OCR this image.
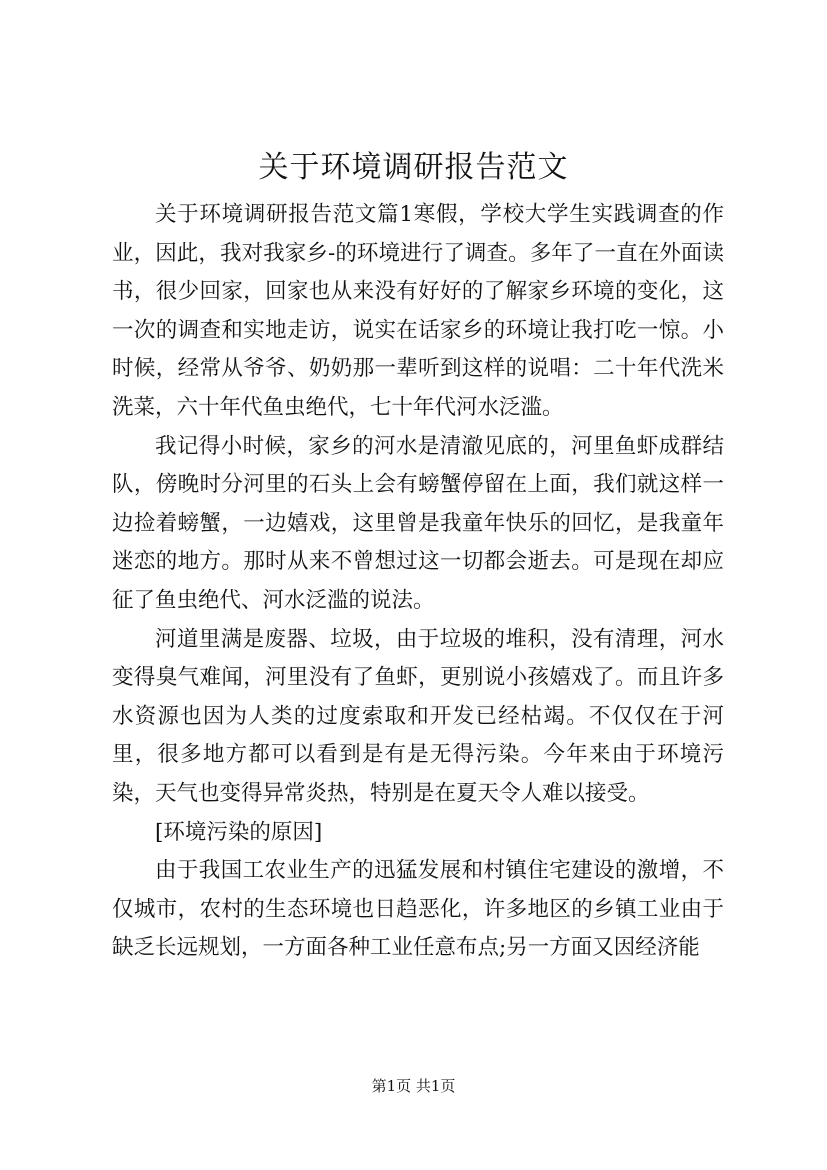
关于环境调研报告范文

关于环境调研报告范文篇1寒假，学校大学生实践调查的作业，因此，我对我家乡-的环境进行了调查。多年了一直在外面读书，很少回家，回家也从来没有好好的了解家乡环境的变化，这一次的调查和实地走访，说实在话家乡的环境让我打吃一惊。小时候，经常从爷爷、奶奶那一辈听到这样的说唱：二十年代洗米洗菜，六十年代鱼虫绝代，七十年代河水泛滥。

我记得小时候，家乡的河水是清澈见底的，河里鱼虾成群结队，傍晚时分河里的石头上会有螃蟹停留在上面，我们就这样一边捡着螃蟹，一边嬉戏，这里曾是我童年快乐的回忆，是我童年迷恋的地方。那时从来不曾想过这一切都会逝去。可是现在却应征了鱼虫绝代、河水泛滥的说法。

河道里满是废器、垃圾，由于垃圾的堆积，没有清理，河水变得臭气难闻，河里没有了鱼虾，更别说小孩嬉戏了。而且许多水资源也因为人类的过度索取和开发已经枯竭。不仅仅在于河里，很多地方都可以看到是有是无得污染。今年来由于环境污染，天气也变得异常炎热，特别是在夏天令人难以接受。

[环境污染的原因]

由于我国工农业生产的迅猛发展和村镇住宅建设的激增，不仅城市，农村的生态环境也日趋恶化，许多地区的乡镇工业由于缺乏长远规划，一方面各种工业任意布点;另一方面又因经济能

第1页 共1页
